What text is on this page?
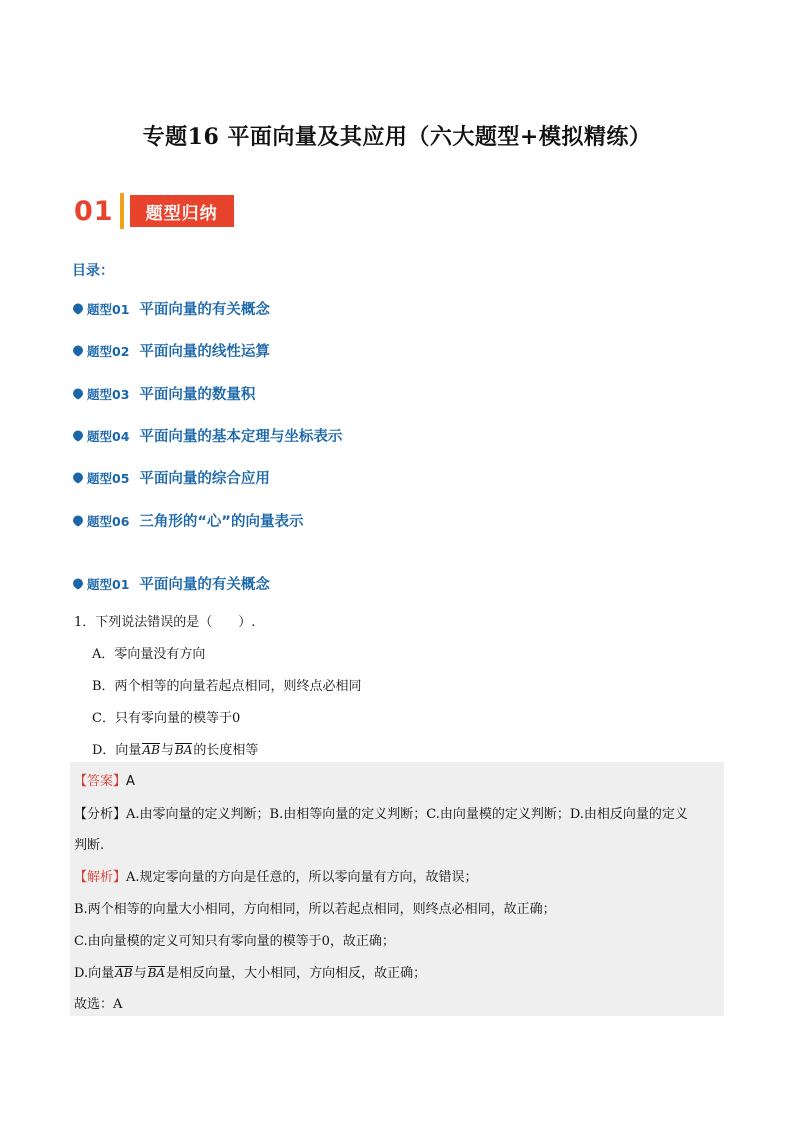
专题16 平面向量及其应用（六大题型+模拟精练）
01	题型归纳
目录：
题型01 平面向量的有关概念
题型02 平面向量的线性运算
题型03 平面向量的数量积
题型04 平面向量的基本定理与坐标表示
题型05 平面向量的综合应用
题型06 三角形的“心”的向量表示
题型01 平面向量的有关概念
1．下列说法错误的是（　　）.
A．零向量没有方向
B．两个相等的向量若起点相同，则终点必相同
C．只有零向量的模等于0
D．向量AB与BA的长度相等
【答案】A
【分析】A.由零向量的定义判断；B.由相等向量的定义判断；C.由向量模的定义判断；D.由相反向量的定义
判断.
【解析】A.规定零向量的方向是任意的，所以零向量有方向，故错误；
B.两个相等的向量大小相同，方向相同，所以若起点相同，则终点必相同，故正确；
C.由向量模的定义可知只有零向量的模等于0，故正确；
D.向量AB与BA是相反向量，大小相同，方向相反，故正确；
故选：A
